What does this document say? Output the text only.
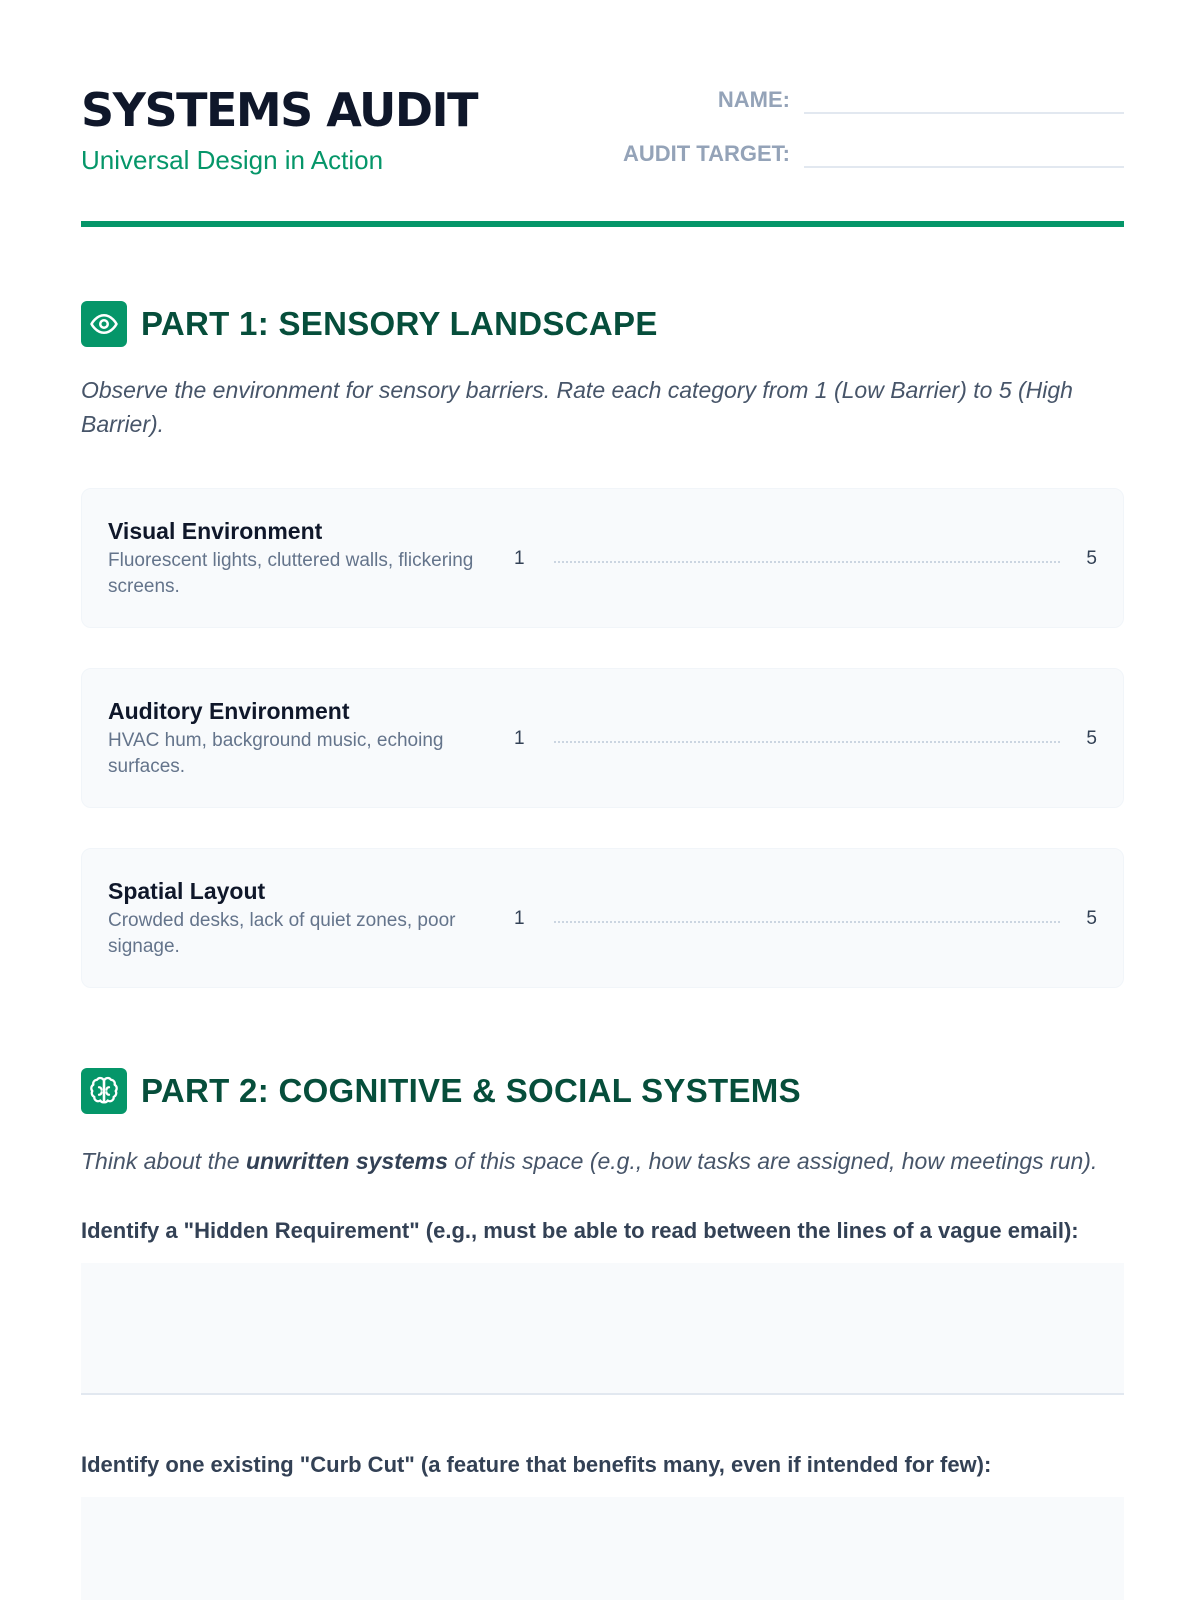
SYSTEMS AUDIT
Universal Design in Action
NAME:
AUDIT TARGET:
PART 1: SENSORY LANDSCAPE
Observe the environment for sensory barriers. Rate each category from 1 (Low Barrier) to 5 (High Barrier).
Visual Environment
Fluorescent lights, cluttered walls, flickering screens.
1	5
Auditory Environment
HVAC hum, background music, echoing surfaces.
1	5
Spatial Layout
Crowded desks, lack of quiet zones, poor signage.
1	5
PART 2: COGNITIVE & SOCIAL SYSTEMS
Think about the unwritten systems of this space (e.g., how tasks are assigned, how meetings run).
Identify a "Hidden Requirement" (e.g., must be able to read between the lines of a vague email):
Identify one existing "Curb Cut" (a feature that benefits many, even if intended for few):
